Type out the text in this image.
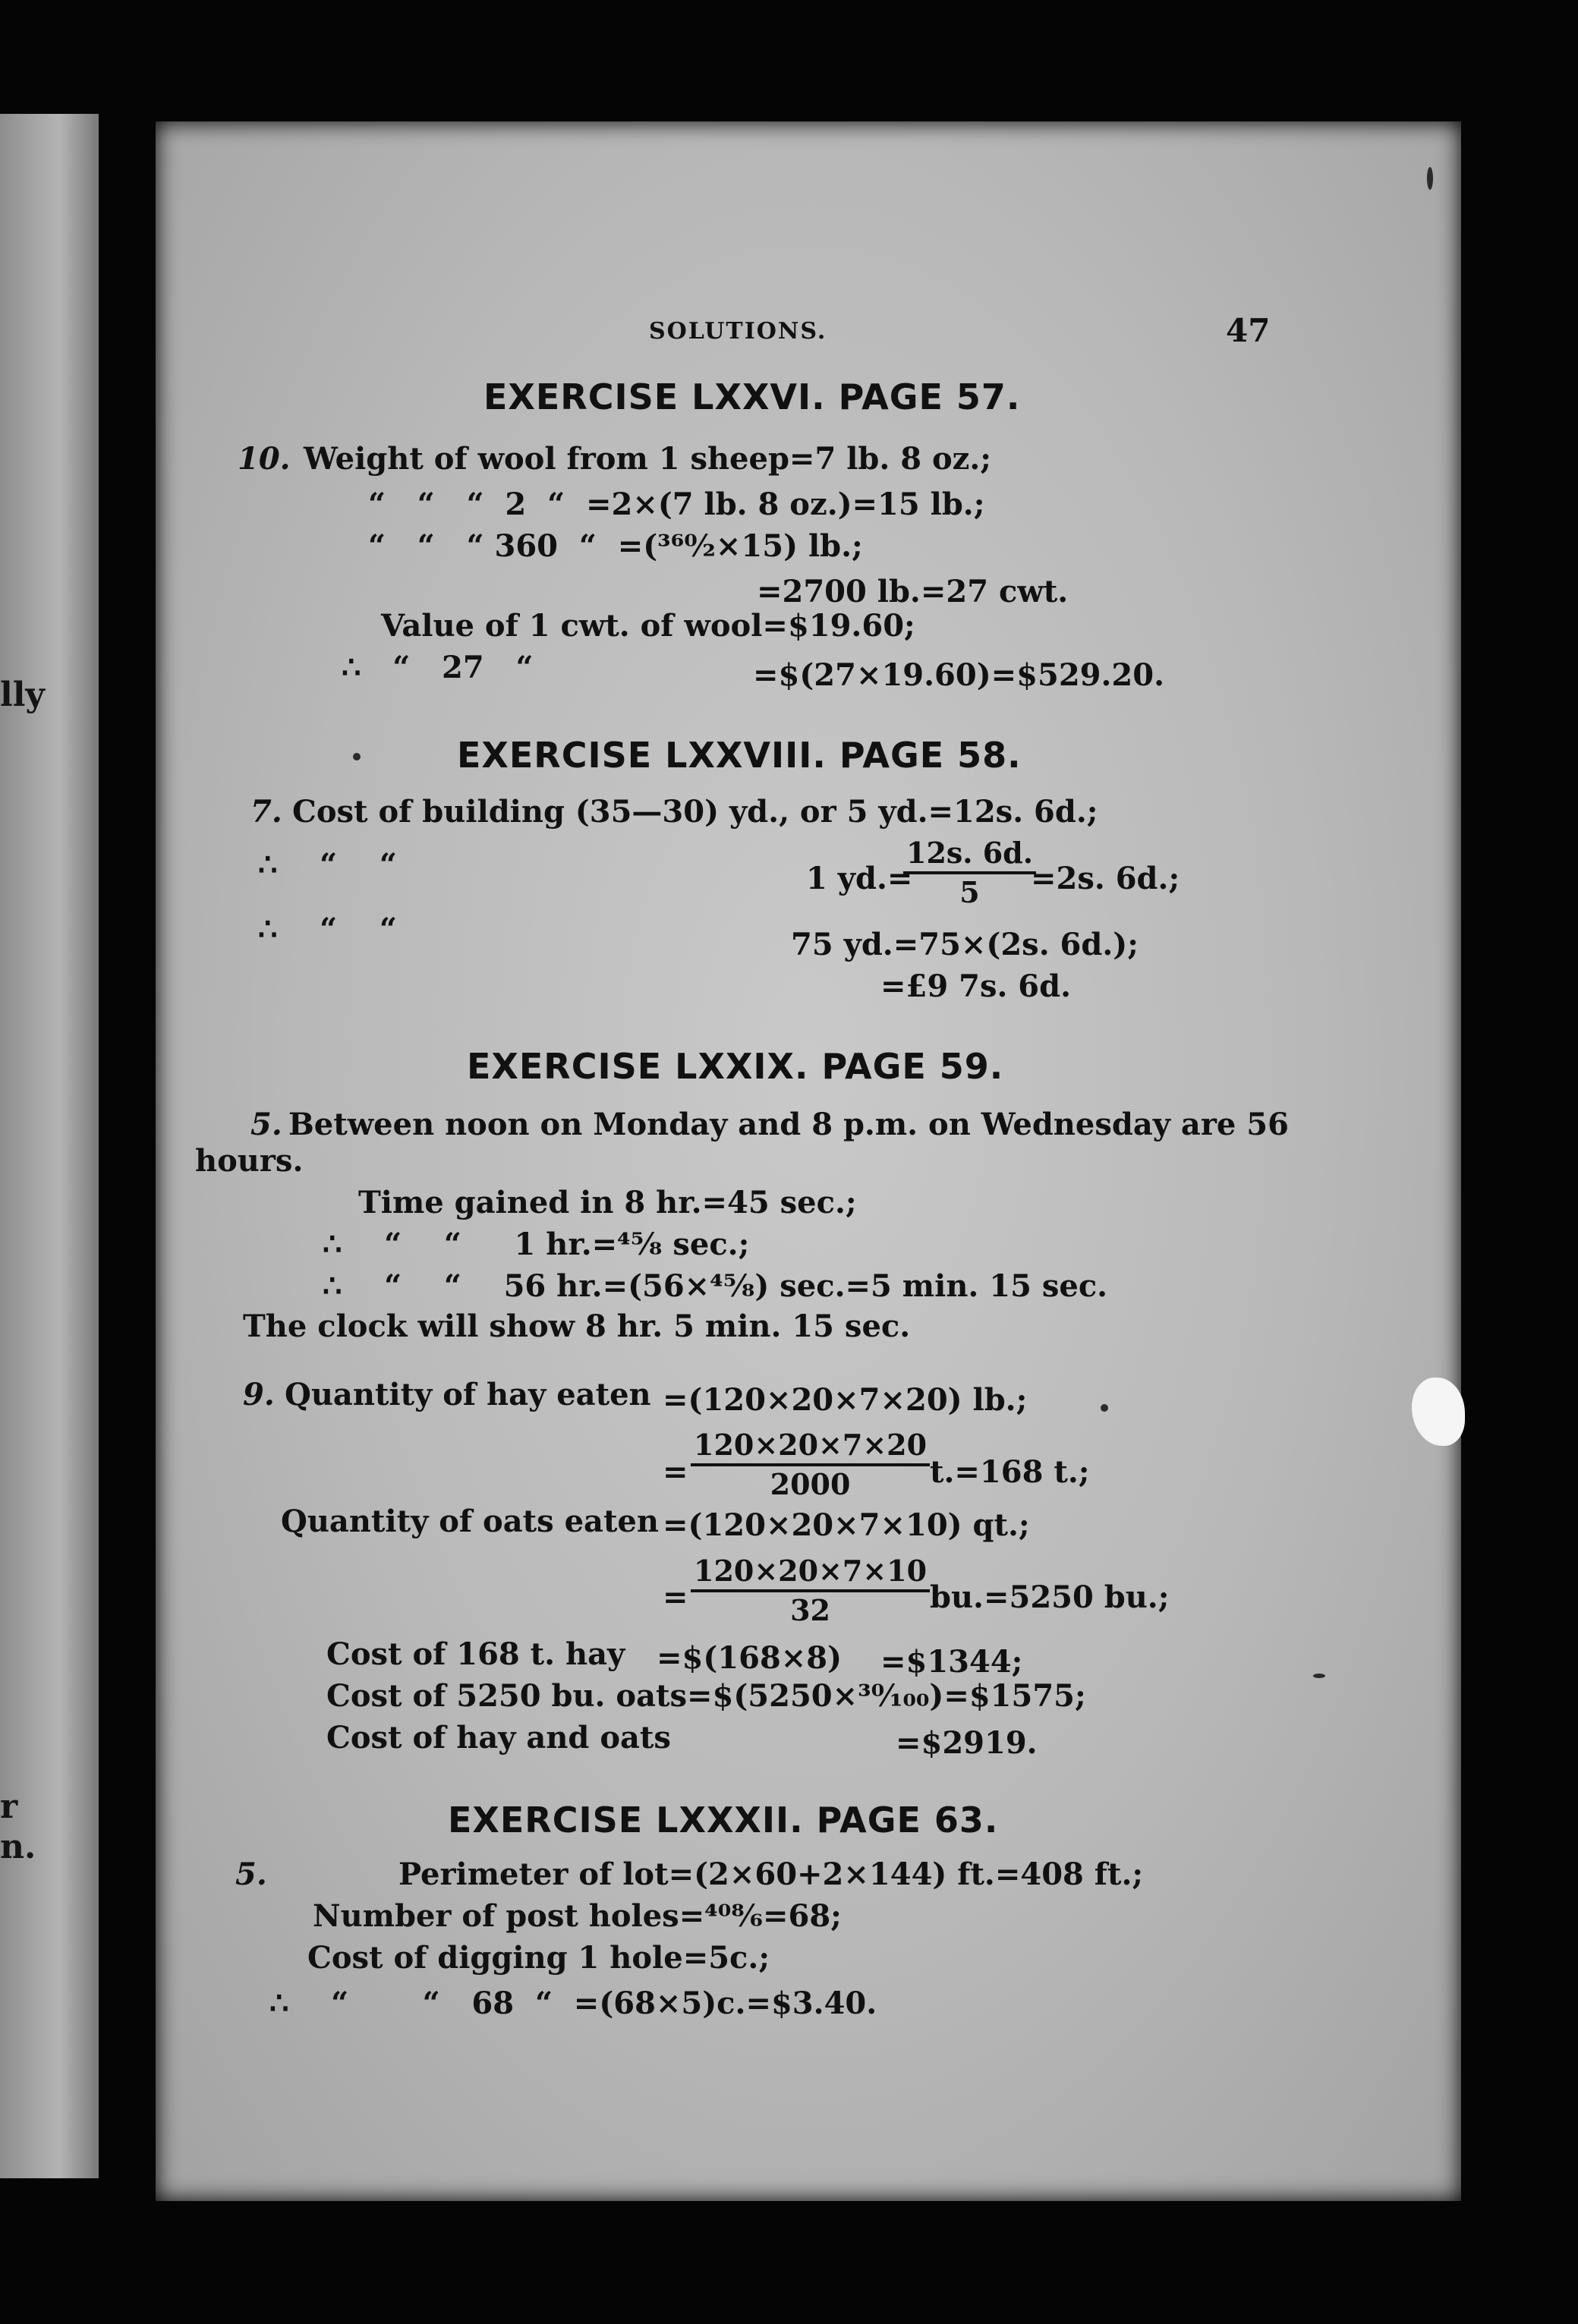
lly
r
n.
SOLUTIONS.	47
EXERCISE LXXVI. PAGE 57.
10. Weight of wool from 1 sheep=7 lb. 8 oz.;
“   “   “  2  “  =2×(7 lb. 8 oz.)=15 lb.;
“   “   “ 360  “  =(³⁶⁰⁄₂×15) lb.;
=2700 lb.=27 cwt.
Value of 1 cwt. of wool=$19.60;
∴   “   27   “	=$(27×19.60)=$529.20.
EXERCISE LXXVIII. PAGE 58.
7. Cost of building (35—30) yd., or 5 yd.=12s. 6d.;
∴    “    “	1 yd.=
$\frac{12s. 6d.}{5}$
=2s. 6d.;
∴    “    “	75 yd.=75×(2s. 6d.);
=£9 7s. 6d.
EXERCISE LXXIX. PAGE 59.
5. Between noon on Monday and 8 p.m. on Wednesday are 56
hours.
Time gained in 8 hr.=45 sec.;
∴    “    “     1 hr.=⁴⁵⁄₈ sec.;
∴    “    “    56 hr.=(56×⁴⁵⁄₈) sec.=5 min. 15 sec.
The clock will show 8 hr. 5 min. 15 sec.
9. Quantity of hay eaten =(120×20×7×20) lb.;
= $\frac{120\times 20\times 7\times 20}{2000} t.=168$ t.;
Quantity of oats eaten =(120×20×7×10) qt.;
= $\frac{120\times 20\times 7\times 10}{32} bu.=5250$ bu.;
Cost of 168 t. hay =$(168×8) =$1344;
Cost of 5250 bu. oats=$(5250×³⁰⁄₁₀₀)=$1575;
Cost of hay and oats	=$2919.
EXERCISE LXXXII. PAGE 63.
5.	Perimeter of lot=(2×60+2×144) ft.=408 ft.;
Number of post holes=⁴⁰⁸⁄₆=68;
Cost of digging 1 hole=5c.;
∴    “       “   68  “  =(68×5)c.=$3.40.
